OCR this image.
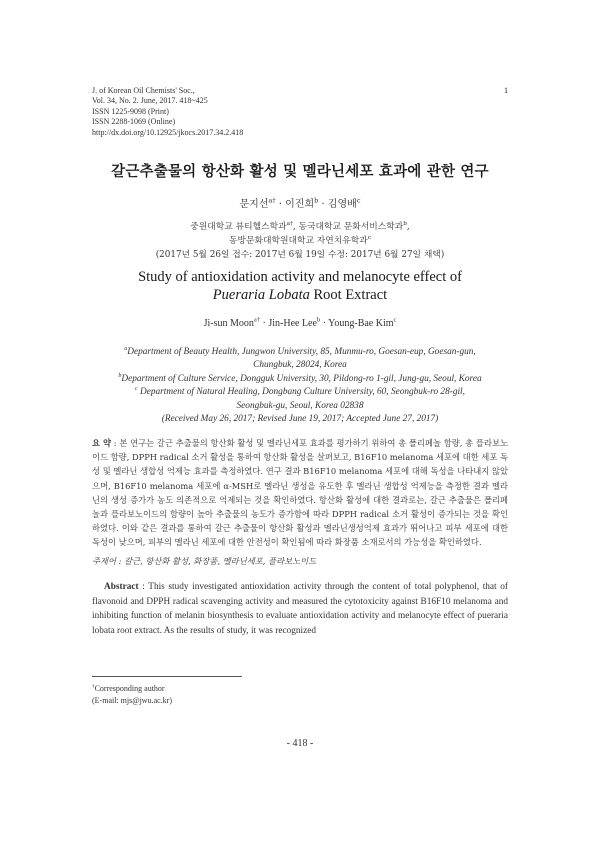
J. of Korean Oil Chemists' Soc.,
Vol. 34, No. 2. June, 2017. 418~425
ISSN 1225-9098 (Print)
ISSN 2288-1069 (Online)
http://dx.doi.org/10.12925/jkocs.2017.34.2.418
1
갈근추출물의 항산화 활성 및 멜라닌세포 효과에 관한 연구
문지선$^{a\dagger}$ · 이진희$^b$ · 김영배$^c$
중원대학교 뷰티헬스학과$^{a\dagger}$, 동국대학교 문화서비스학과$^b$,
동방문화대학원대학교 자연치유학과$^c$
(2017년 5월 26일 접수: 2017년 6월 19일 수정: 2017년 6월 27일 채택)
Study of antioxidation activity and melanocyte effect of
Pueraria Lobata Root Extract
Ji-sun Moon$^{a\dagger}$ · Jin-Hee Lee$^b$ · Young-Bae Kim$^c$
$^a$Department of Beauty Health, Jungwon University, 85, Munmu-ro, Goesan-eup, Goesan-gun,
Chungbuk, 28024, Korea
$^b$Department of Culture Service, Dongguk University, 30, Pildong-ro 1-gil, Jung-gu, Seoul, Korea
$^c$ Department of Natural Healing, Dongbang Culture University, 60, Seongbuk-ro 28-gil,
Seongbuk-gu, Seoul, Korea 02838
(Received May 26, 2017; Revised June 19, 2017; Accepted June 27, 2017)
요 약 : 본 연구는 갈근 추출물의 항산화 활성 및 멜라닌세포 효과를 평가하기 위하여 총 폴리페놀 함량, 총 플라보노이드 함량, DPPH radical 소거 활성을 통하여 항산화 활성을 살펴보고, B16F10 melanoma 세포에 대한 세포 독성 및 멜라닌 생합성 억제능 효과를 측정하였다. 연구 결과 B16F10 melanoma 세포에 대해 독성을 나타내지 않았으며, B16F10 melanoma 세포에 α-MSH로 멜라닌 생성을 유도한 후 멜라닌 생합성 억제능을 측정한 결과 멜라닌의 생성 증가가 농도 의존적으로 억제되는 것을 확인하였다. 항산화 활성에 대한 결과로는, 갈근 추출물은 폴리페놀과 플라보노이드의 함량이 높아 추출물의 농도가 증가함에 따라 DPPH radical 소거 활성이 증가되는 것을 확인하였다. 이와 같은 결과를 통하여 갈근 추출물이 항산화 활성과 멜라닌생성억제 효과가 뛰어나고 피부 세포에 대한 독성이 낮으며, 피부의 멜라닌 세포에 대한 안전성이 확인됨에 따라 화장품 소재로서의 가능성을 확인하였다.
주제어 : 갈근, 항산화 활성, 화장품, 멜라닌세포, 플라보노이드
Abstract : This study investigated antioxidation activity through the content of total polyphenol, that of flavonoid and DPPH radical scavenging activity and measured the cytotoxicity against B16F10 melanoma and inhibiting function of melanin biosynthesis to evaluate antioxidation activity and melanocyte effect of pueraria lobata root extract. As the results of study, it was recognized
†Corresponding author
(E-mail: mjs@jwu.ac.kr)
- 418 -
